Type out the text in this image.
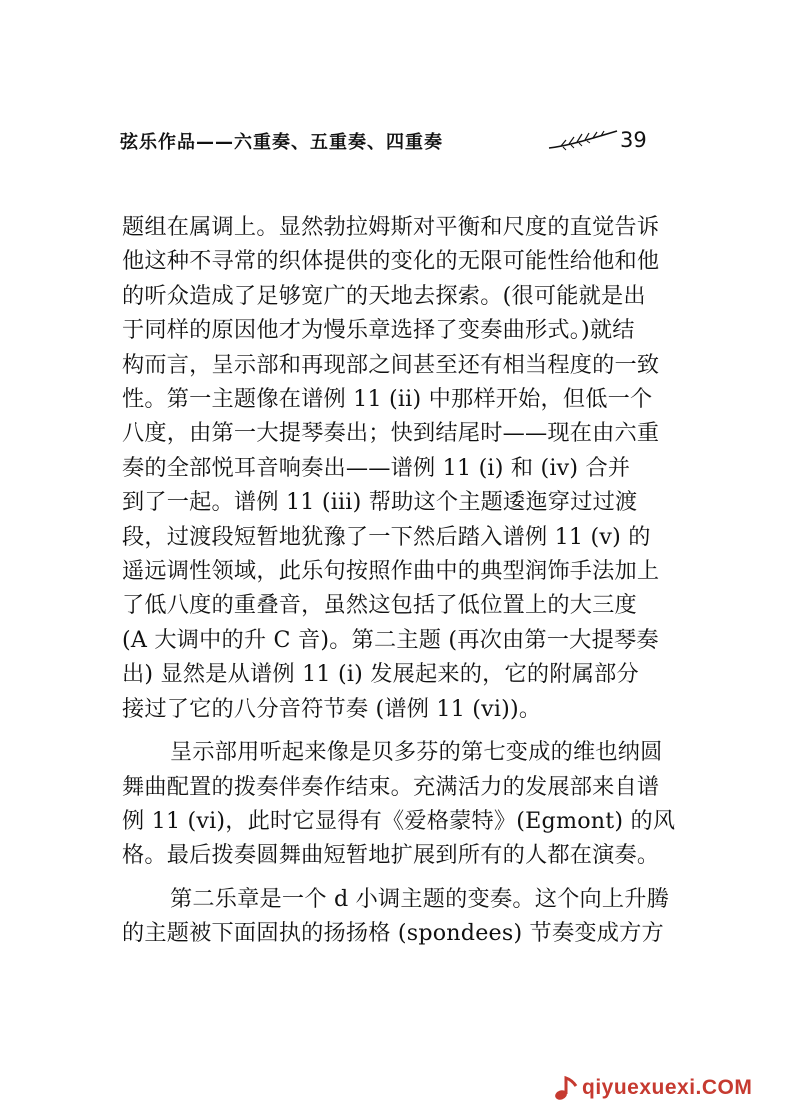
弦乐作品——六重奏、五重奏、四重奏	39
题组在属调上。显然勃拉姆斯对平衡和尺度的直觉告诉
他这种不寻常的织体提供的变化的无限可能性给他和他
的听众造成了足够宽广的天地去探索。(很可能就是出
于同样的原因他才为慢乐章选择了变奏曲形式。)就结
构而言，呈示部和再现部之间甚至还有相当程度的一致
性。第一主题像在谱例 11 (ii) 中那样开始，但低一个
八度，由第一大提琴奏出；快到结尾时——现在由六重
奏的全部悦耳音响奏出——谱例 11 (i) 和 (iv) 合并
到了一起。谱例 11 (iii) 帮助这个主题逶迤穿过过渡
段，过渡段短暂地犹豫了一下然后踏入谱例 11 (v) 的
遥远调性领域，此乐句按照作曲中的典型润饰手法加上
了低八度的重叠音，虽然这包括了低位置上的大三度
(A 大调中的升 C 音)。第二主题 (再次由第一大提琴奏
出) 显然是从谱例 11 (i) 发展起来的，它的附属部分
接过了它的八分音符节奏 (谱例 11 (vi))。
呈示部用听起来像是贝多芬的第七变成的维也纳圆
舞曲配置的拨奏伴奏作结束。充满活力的发展部来自谱
例 11 (vi)，此时它显得有《爱格蒙特》(Egmont) 的风
格。最后拨奏圆舞曲短暂地扩展到所有的人都在演奏。
第二乐章是一个 d 小调主题的变奏。这个向上升腾
的主题被下面固执的扬扬格 (spondees) 节奏变成方方
qiyuexuexi.COM
